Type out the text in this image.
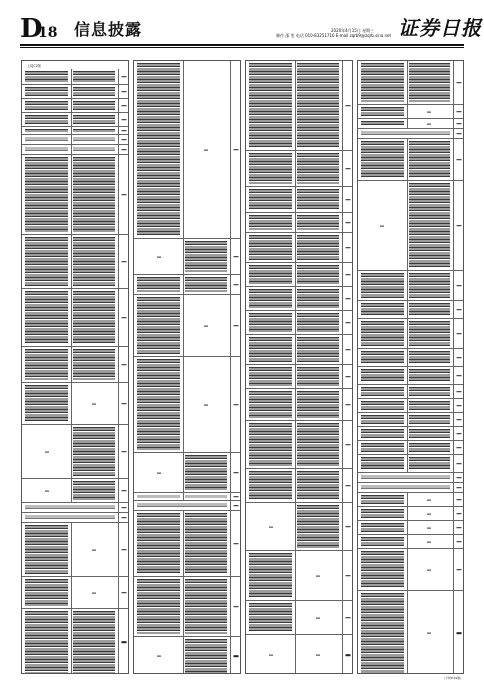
D
18 信息披露	2020年4月15日 星期三
制作 邵 雯 电话 010-83251716 E-mail zqrb9@zqrb.sina.net 证券日报
上接C2版
(下转D19版)
